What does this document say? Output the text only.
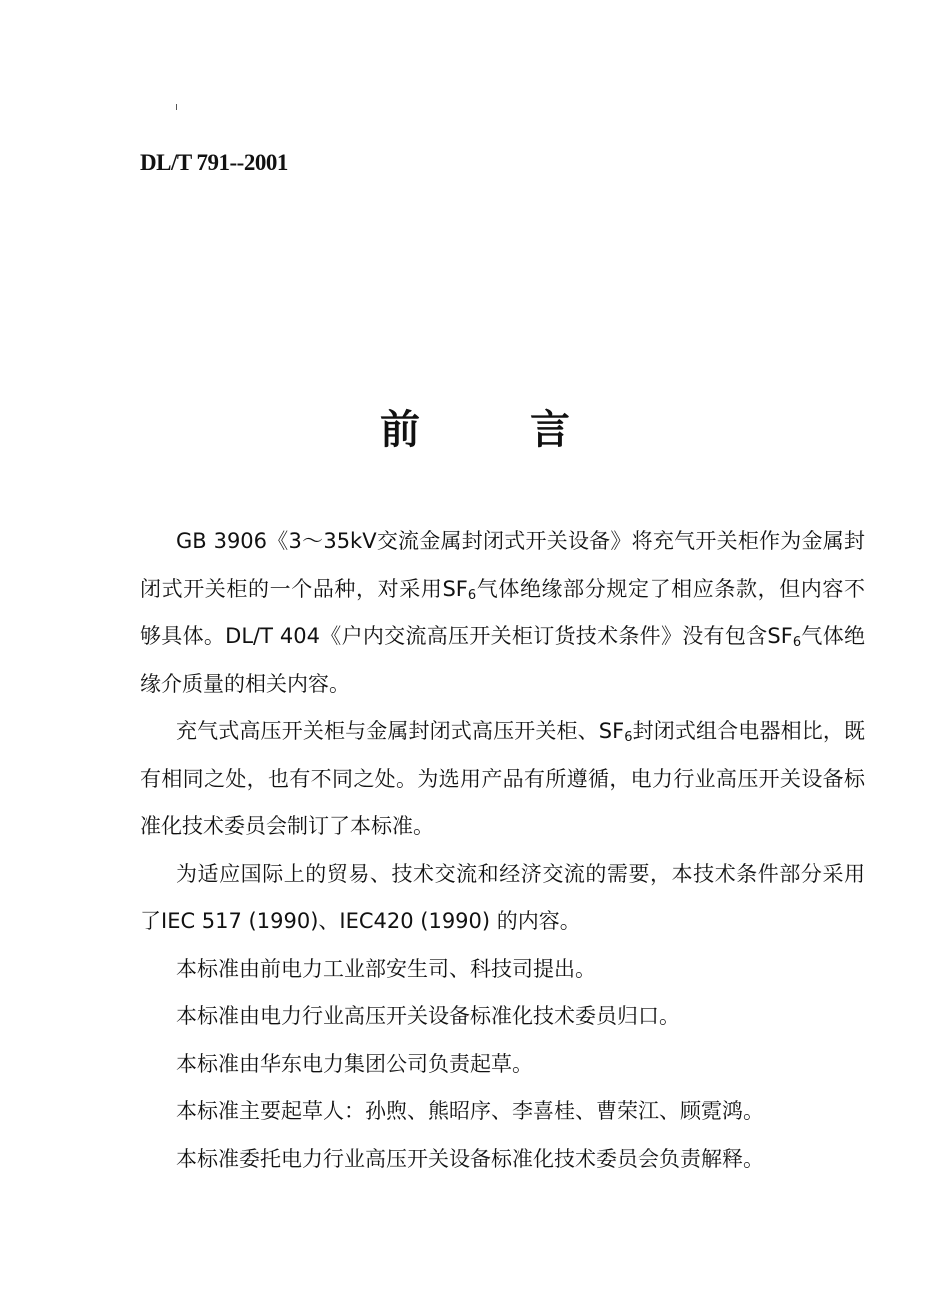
DL/T 791--2001
前	言

GB 3906《3～35kV交流金属封闭式开关设备》将充气开关柜作为金属封闭式开关柜的一个品种，对采用$SF_6$气体绝缘部分规定了相应条款，但内容不够具体。DL/T 404《户内交流高压开关柜订货技术条件》没有包含$SF_6$气体绝缘介质量的相关内容。

充气式高压开关柜与金属封闭式高压开关柜、$SF_6$封闭式组合电器相比，既有相同之处，也有不同之处。为选用产品有所遵循，电力行业高压开关设备标准化技术委员会制订了本标准。

为适应国际上的贸易、技术交流和经济交流的需要，本技术条件部分采用了IEC 517 (1990)、IEC420 (1990) 的内容。

本标准由前电力工业部安生司、科技司提出。

本标准由电力行业高压开关设备标准化技术委员归口。

本标准由华东电力集团公司负责起草。

本标准主要起草人：孙煦、熊昭序、李喜桂、曹荣江、顾霓鸿。

本标准委托电力行业高压开关设备标准化技术委员会负责解释。
